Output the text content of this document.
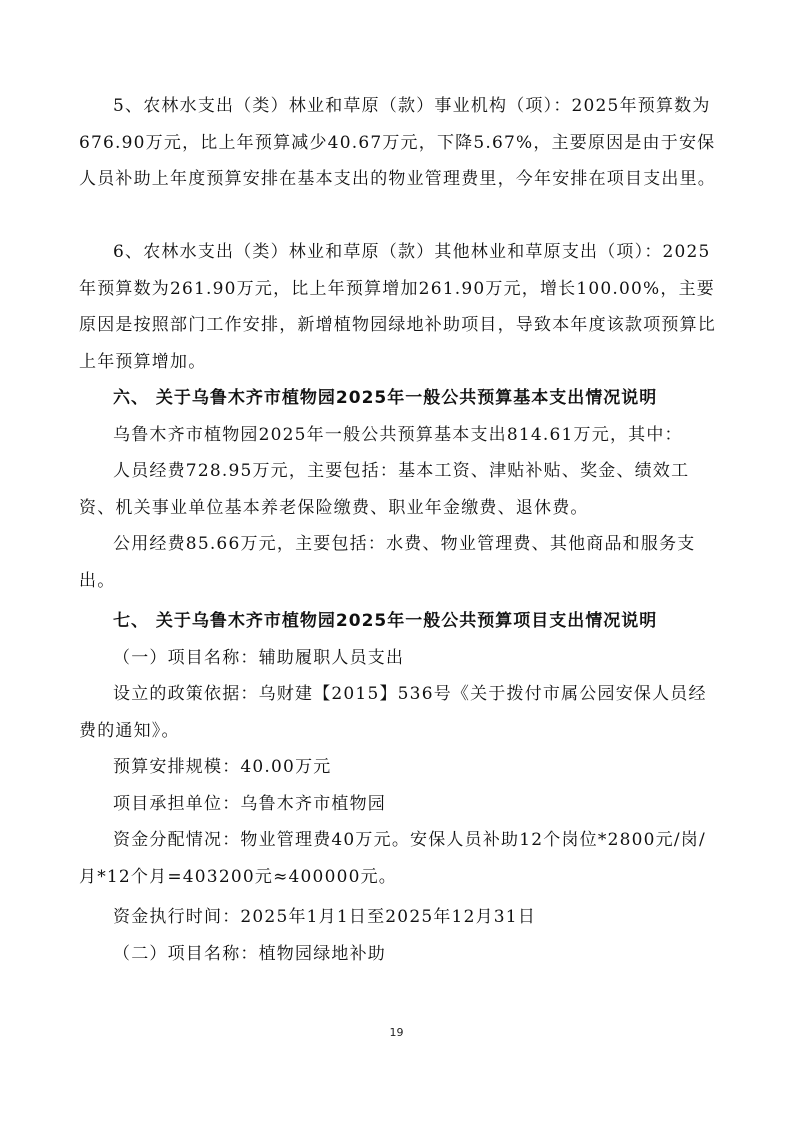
5、农林水支出（类）林业和草原（款）事业机构（项）：2025年预算数为676.90万元，比上年预算减少40.67万元，下降5.67%，主要原因是由于安保人员补助上年度预算安排在基本支出的物业管理费里，今年安排在项目支出里。

6、农林水支出（类）林业和草原（款）其他林业和草原支出（项）：2025年预算数为261.90万元，比上年预算增加261.90万元，增长100.00%，主要原因是按照部门工作安排，新增植物园绿地补助项目，导致本年度该款项预算比上年预算增加。

六、 关于乌鲁木齐市植物园2025年一般公共预算基本支出情况说明

乌鲁木齐市植物园2025年一般公共预算基本支出814.61万元，其中：

人员经费728.95万元，主要包括：基本工资、津贴补贴、奖金、绩效工资、机关事业单位基本养老保险缴费、职业年金缴费、退休费。

公用经费85.66万元，主要包括：水费、物业管理费、其他商品和服务支出。

七、 关于乌鲁木齐市植物园2025年一般公共预算项目支出情况说明

（一）项目名称：辅助履职人员支出

设立的政策依据：乌财建【2015】536号《关于拨付市属公园安保人员经费的通知》。

预算安排规模：40.00万元

项目承担单位：乌鲁木齐市植物园

资金分配情况：物业管理费40万元。安保人员补助12个岗位*2800元/岗/月*12个月=403200元≈400000元。

资金执行时间：2025年1月1日至2025年12月31日

（二）项目名称：植物园绿地补助

19
